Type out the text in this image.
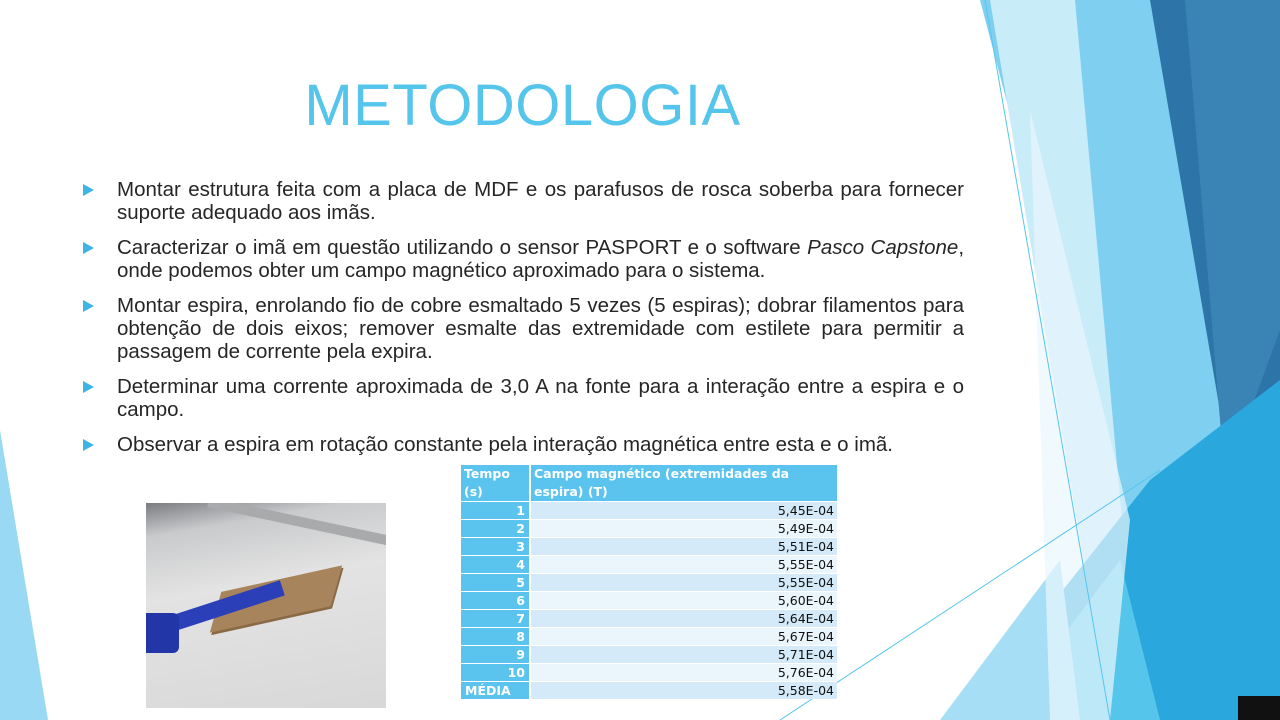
METODOLOGIA
Montar estrutura feita com a placa de MDF e os parafusos de rosca soberba para fornecer suporte adequado aos imãs.
Caracterizar o imã em questão utilizando o sensor PASPORT e o software Pasco Capstone, onde podemos obter um campo magnético aproximado para o sistema.
Montar espira, enrolando fio de cobre esmaltado 5 vezes (5 espiras); dobrar filamentos para obtenção de dois eixos; remover esmalte das extremidade com estilete para permitir a passagem de corrente pela expira.
Determinar uma corrente aproximada de 3,0 A na fonte para a interação entre a espira e o campo.
Observar a espira em rotação constante pela interação magnética entre esta e o imã.
Tempo (s)	Campo magnético (extremidades da espira) (T)
1	5,45E-04
2	5,49E-04
3	5,51E-04
4	5,55E-04
5	5,55E-04
6	5,60E-04
7	5,64E-04
8	5,67E-04
9	5,71E-04
10	5,76E-04
MÉDIA	5,58E-04
